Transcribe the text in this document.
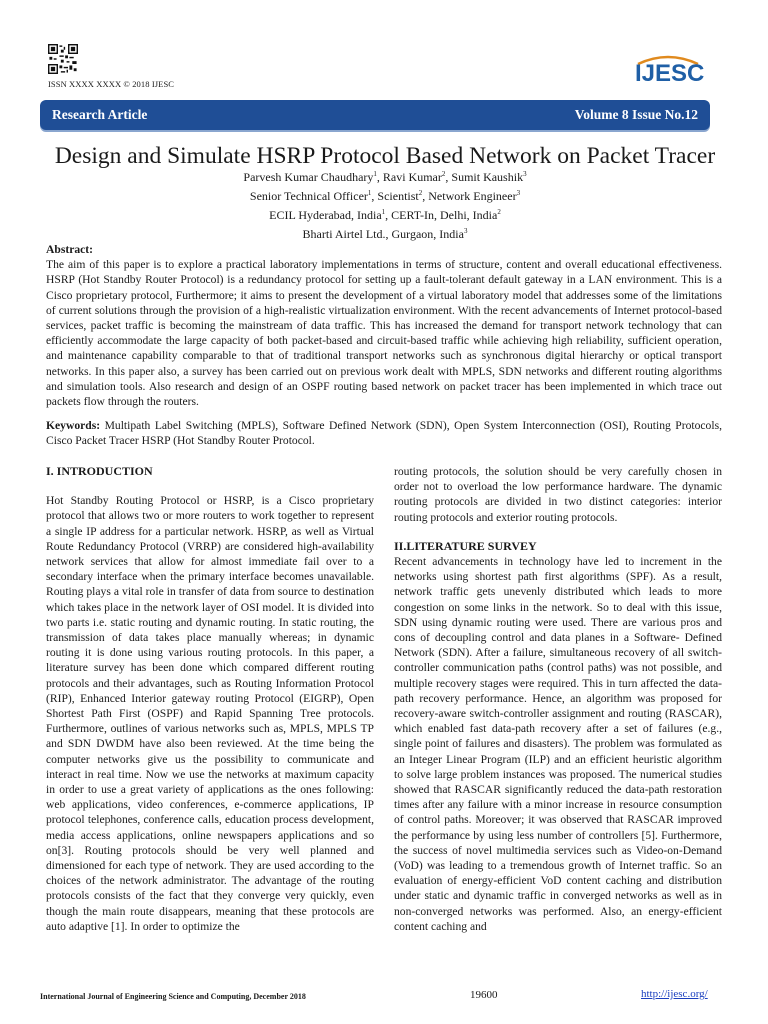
ISSN XXXX XXXX © 2018 IJESC	IJESC
Research Article	Volume 8 Issue No.12
Design and Simulate HSRP Protocol Based Network on Packet Tracer
Parvesh Kumar Chaudhary$^1$, Ravi Kumar$^2$, Sumit Kaushik$^3$
Senior Technical Officer$^1$, Scientist$^2$, Network Engineer$^3$
ECIL Hyderabad, India$^1$, CERT-In, Delhi, India$^2$
Bharti Airtel Ltd., Gurgaon, India$^3$
Abstract:
The aim of this paper is to explore a practical laboratory implementations in terms of structure, content and overall educational effectiveness. HSRP (Hot Standby Router Protocol) is a redundancy protocol for setting up a fault-tolerant default gateway in a LAN environment. This is a Cisco proprietary protocol, Furthermore; it aims to present the development of a virtual laboratory model that addresses some of the limitations of current solutions through the provision of a high-realistic virtualization environment. With the recent advancements of Internet protocol-based services, packet traffic is becoming the mainstream of data traffic. This has increased the demand for transport network technology that can efficiently accommodate the large capacity of both packet-based and circuit-based traffic while achieving high reliability, sufficient operation, and maintenance capability comparable to that of traditional transport networks such as synchronous digital hierarchy or optical transport networks. In this paper also, a survey has been carried out on previous work dealt with MPLS, SDN networks and different routing algorithms and simulation tools. Also research and design of an OSPF routing based network on packet tracer has been implemented in which trace out packets flow through the routers.
Keywords: Multipath Label Switching (MPLS), Software Defined Network (SDN), Open System Interconnection (OSI), Routing Protocols, Cisco Packet Tracer HSRP (Hot Standby Router Protocol.
I. INTRODUCTION

Hot Standby Routing Protocol or HSRP, is a Cisco proprietary protocol that allows two or more routers to work together to represent a single IP address for a particular network. HSRP, as well as Virtual Route Redundancy Protocol (VRRP) are considered high-availability network services that allow for almost immediate fail over to a secondary interface when the primary interface becomes unavailable. Routing plays a vital role in transfer of data from source to destination which takes place in the network layer of OSI model. It is divided into two parts i.e. static routing and dynamic routing. In static routing, the transmission of data takes place manually whereas; in dynamic routing it is done using various routing protocols. In this paper, a literature survey has been done which compared different routing protocols and their advantages, such as Routing Information Protocol (RIP), Enhanced Interior gateway routing Protocol (EIGRP), Open Shortest Path First (OSPF) and Rapid Spanning Tree protocols. Furthermore, outlines of various networks such as, MPLS, MPLS TP and SDN DWDM have also been reviewed. At the time being the computer networks give us the possibility to communicate and interact in real time. Now we use the networks at maximum capacity in order to use a great variety of applications as the ones following: web applications, video conferences, e-commerce applications, IP protocol telephones, conference calls, education process development, media access applications, online newspapers applications and so on[3]. Routing protocols should be very well planned and dimensioned for each type of network. They are used according to the choices of the network administrator. The advantage of the routing protocols consists of the fact that they converge very quickly, even though the main route disappears, meaning that these protocols are auto adaptive [1]. In order to optimize the

routing protocols, the solution should be very carefully chosen in order not to overload the low performance hardware. The dynamic routing protocols are divided in two distinct categories: interior routing protocols and exterior routing protocols.

II.LITERATURE SURVEY

Recent advancements in technology have led to increment in the networks using shortest path first algorithms (SPF). As a result, network traffic gets unevenly distributed which leads to more congestion on some links in the network. So to deal with this issue, SDN using dynamic routing were used. There are various pros and cons of decoupling control and data planes in a Software- Defined Network (SDN). After a failure, simultaneous recovery of all switch-controller communication paths (control paths) was not possible, and multiple recovery stages were required. This in turn affected the data-path recovery performance. Hence, an algorithm was proposed for recovery-aware switch-controller assignment and routing (RASCAR), which enabled fast data-path recovery after a set of failures (e.g., single point of failures and disasters). The problem was formulated as an Integer Linear Program (ILP) and an efficient heuristic algorithm to solve large problem instances was proposed. The numerical studies showed that RASCAR significantly reduced the data-path restoration times after any failure with a minor increase in resource consumption of control paths. Moreover; it was observed that RASCAR improved the performance by using less number of controllers [5]. Furthermore, the success of novel multimedia services such as Video-on-Demand (VoD) was leading to a tremendous growth of Internet traffic. So an evaluation of energy-efficient VoD content caching and distribution under static and dynamic traffic in converged networks as well as in non-converged networks was performed. Also, an energy-efficient content caching and

International Journal of Engineering Science and Computing, December 2018	19600	http://ijesc.org/
